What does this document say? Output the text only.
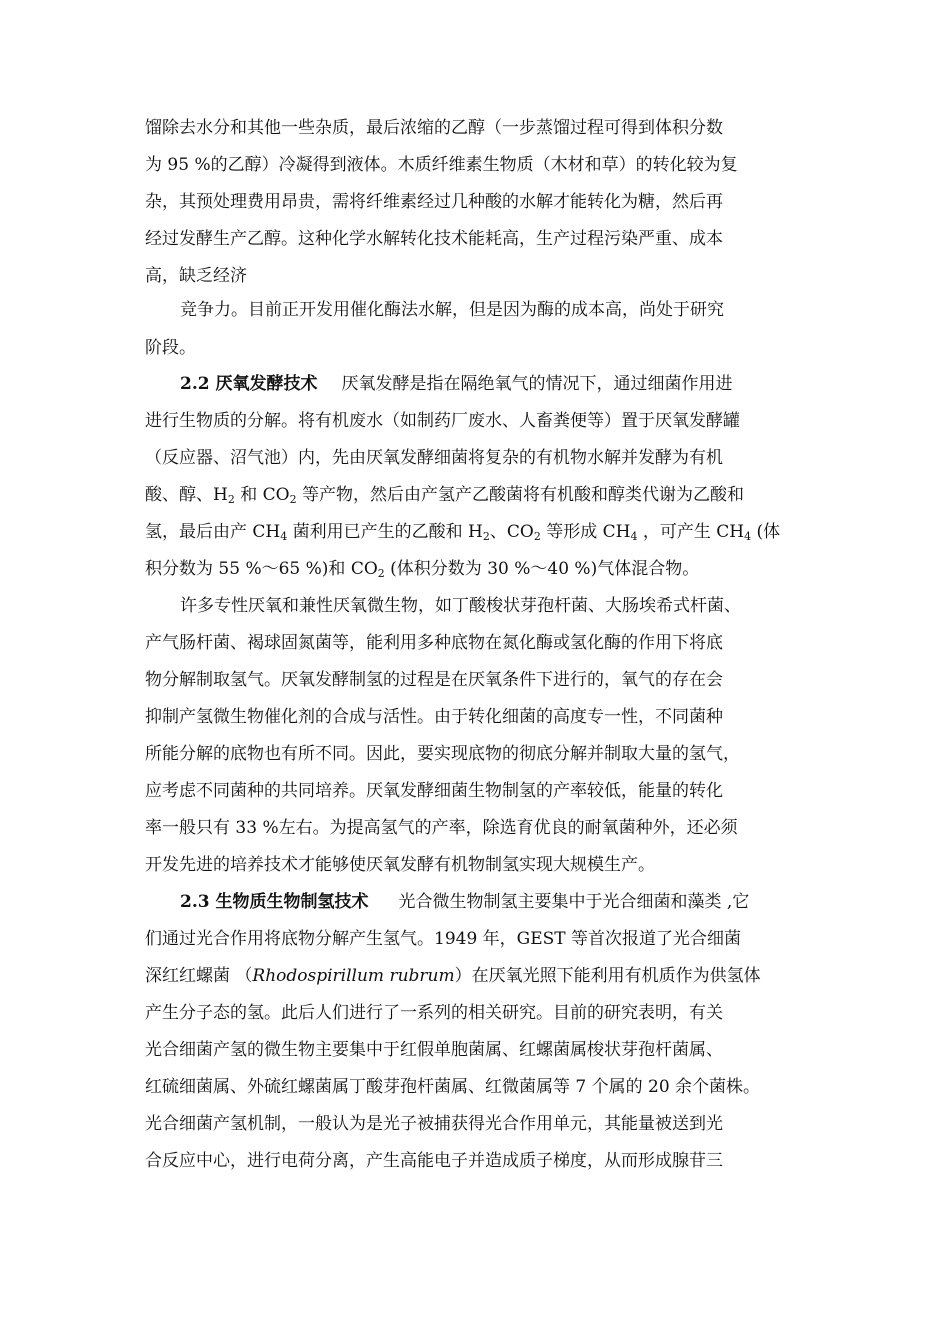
馏除去水分和其他一些杂质，最后浓缩的乙醇（一步蒸馏过程可得到体积分数
为 95 %的乙醇）冷凝得到液体。木质纤维素生物质（木材和草）的转化较为复
杂，其预处理费用昂贵，需将纤维素经过几种酸的水解才能转化为糖，然后再
经过发酵生产乙醇。这种化学水解转化技术能耗高，生产过程污染严重、成本
高，缺乏经济
竞争力。目前正开发用催化酶法水解，但是因为酶的成本高，尚处于研究
阶段。
2.2 厌氧发酵技术 厌氧发酵是指在隔绝氧气的情况下，通过细菌作用进
进行生物质的分解。将有机废水（如制药厂废水、人畜粪便等）置于厌氧发酵罐
（反应器、沼气池）内，先由厌氧发酵细菌将复杂的有机物水解并发酵为有机
酸、醇、$H_2$ 和 $CO_2$ 等产物，然后由产氢产乙酸菌将有机酸和醇类代谢为乙酸和
氢，最后由产 $CH_4$ 菌利用已产生的乙酸和 $H_2$、$CO_2$ 等形成 $CH_4$ ，可产生 $CH_4$ (体
积分数为 55 %～65 %)和 $CO_2$ (体积分数为 30 %～40 %)气体混合物。
许多专性厌氧和兼性厌氧微生物，如丁酸梭状芽孢杆菌、大肠埃希式杆菌、
产气肠杆菌、褐球固氮菌等，能利用多种底物在氮化酶或氢化酶的作用下将底
物分解制取氢气。厌氧发酵制氢的过程是在厌氧条件下进行的，氧气的存在会
抑制产氢微生物催化剂的合成与活性。由于转化细菌的高度专一性，不同菌种
所能分解的底物也有所不同。因此，要实现底物的彻底分解并制取大量的氢气，
应考虑不同菌种的共同培养。厌氧发酵细菌生物制氢的产率较低，能量的转化
率一般只有 33 %左右。为提高氢气的产率，除选育优良的耐氧菌种外，还必须
开发先进的培养技术才能够使厌氧发酵有机物制氢实现大规模生产。
2.3 生物质生物制氢技术 光合微生物制氢主要集中于光合细菌和藻类 ,它
们通过光合作用将底物分解产生氢气。1949 年，GEST 等首次报道了光合细菌
深红红螺菌 （Rhodospirillum rubrum）在厌氧光照下能利用有机质作为供氢体
产生分子态的氢。此后人们进行了一系列的相关研究。目前的研究表明，有关
光合细菌产氢的微生物主要集中于红假单胞菌属、红螺菌属梭状芽孢杆菌属、
红硫细菌属、外硫红螺菌属丁酸芽孢杆菌属、红微菌属等 7 个属的 20 余个菌株。
光合细菌产氢机制，一般认为是光子被捕获得光合作用单元，其能量被送到光
合反应中心，进行电荷分离，产生高能电子并造成质子梯度，从而形成腺苷三
